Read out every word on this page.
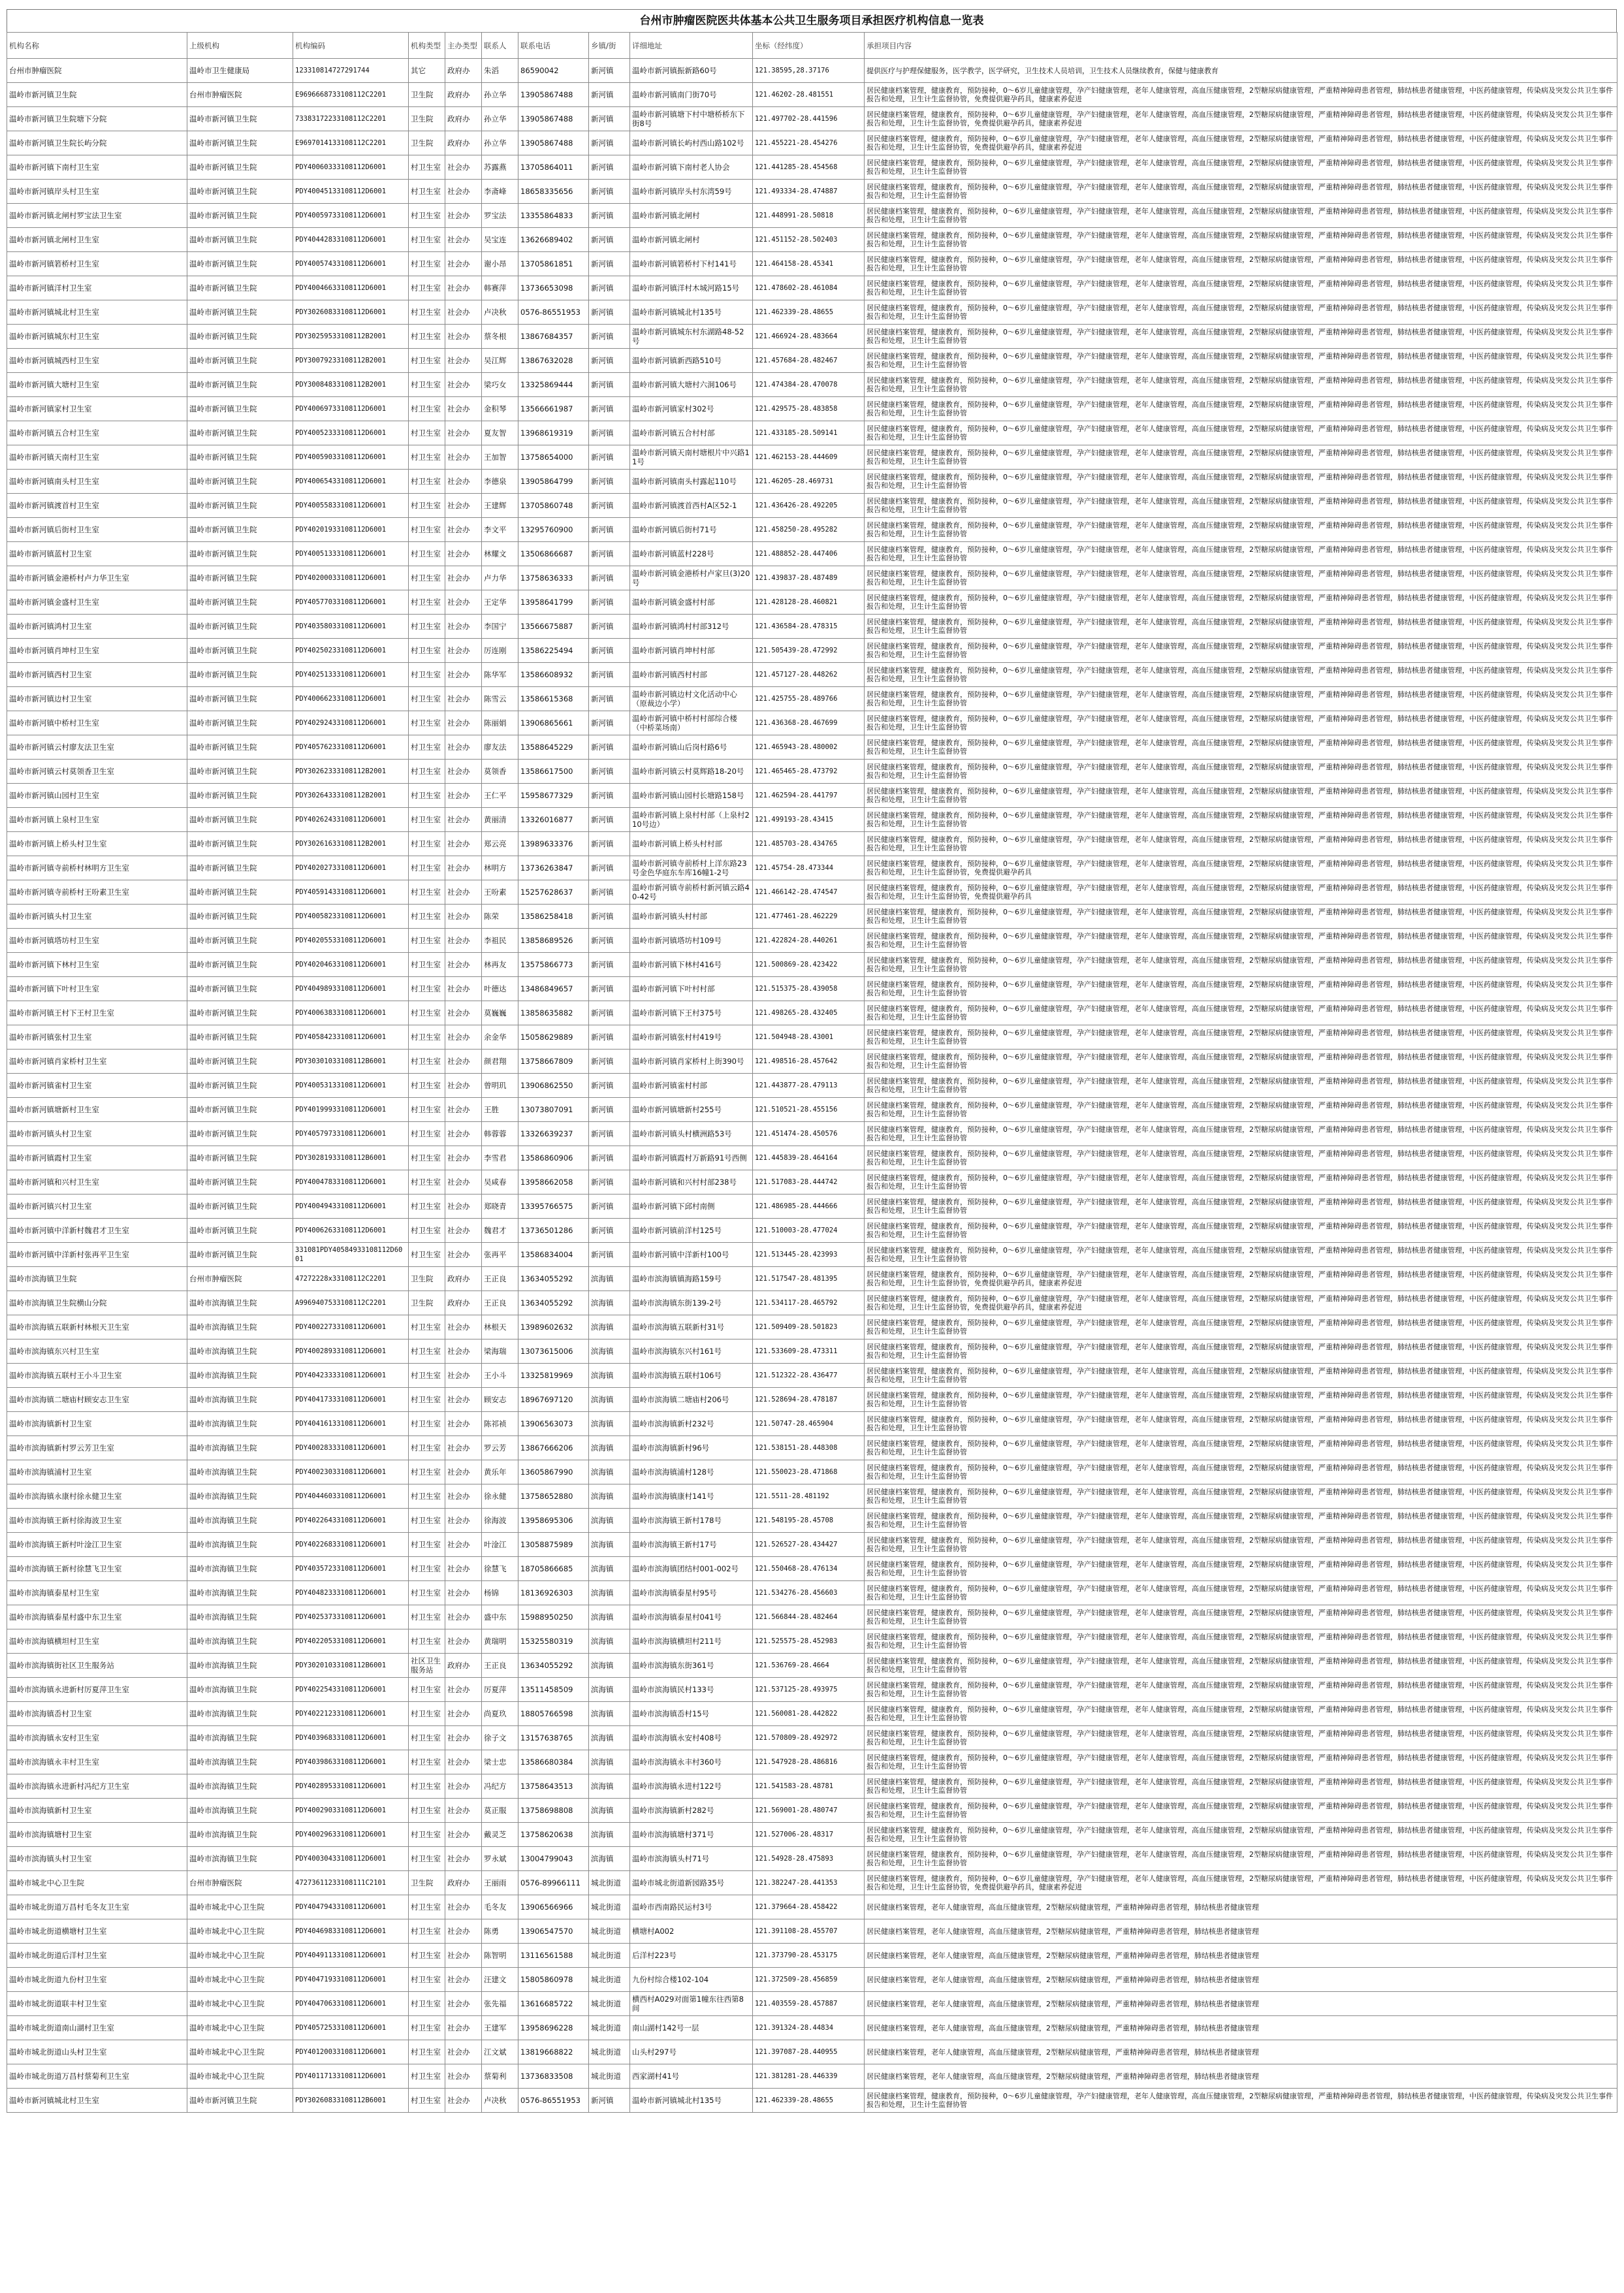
台州市肿瘤医院医共体基本公共卫生服务项目承担医疗机构信息一览表
机构名称	上级机构	机构编码	机构类型	主办类型	联系人	联系电话	乡镇/街	详细地址	坐标（经纬度）	承担项目内容
台州市肿瘤医院	温岭市卫生健康局	12331081472729174​4	其它	政府办	朱滔	86590042	新河镇	温岭市新河镇振新路60号	121.38595,28.37176	提供医疗与护理保健服务，医学教学，医学研究，卫生技术人员培训，卫生技术人员继续教育，保健与健康教育
温岭市新河镇卫生院	台州市肿瘤医院	E96966687331081​12C2201	卫生院	政府办	孙立华	13905867488	新河镇	温岭市新河镇南门街70号	121.46202-28.481551	居民健康档案管理，健康教育，预防接种，0～6岁儿童健康管理，孕产妇健康管理，老年人健康管理，高血压健康管理，2型糖尿病健康管理，严重精神障碍患者管理，肺结核患者健康管理，中医药健康管理，传染病及突发公共卫生事件报告和处理，卫生计生监督协管，免费提供避孕药具，健康素养促进
温岭市新河镇卫生院塘下分院	温岭市新河镇卫生院	73383172233108112C2201	卫生院	政府办	孙立华	13905867488	新河镇	温岭市新河镇塘下村中塘桥桥东下街8号	121.497702-28.441596	居民健康档案管理，健康教育，预防接种，0～6岁儿童健康管理，孕产妇健康管理，老年人健康管理，高血压健康管理，2型糖尿病健康管理，严重精神障碍患者管理，肺结核患者健康管理，中医药健康管理，传染病及突发公共卫生事件报告和处理，卫生计生监督协管，免费提供避孕药具，健康素养促进
温岭市新河镇卫生院长屿分院	温岭市新河镇卫生院	E96970141331081​12C2201	卫生院	政府办	孙立华	13905867488	新河镇	温岭市新河镇长屿村西山路102号	121.455221-28.454276	居民健康档案管理，健康教育，预防接种，0～6岁儿童健康管理，孕产妇健康管理，老年人健康管理，高血压健康管理，2型糖尿病健康管理，严重精神障碍患者管理，肺结核患者健康管理，中医药健康管理，传染病及突发公共卫生事件报告和处理，卫生计生监督协管，免费提供避孕药具，健康素养促进
温岭市新河镇下南村卫生室	温岭市新河镇卫生院	PDY40060333108112D6001	村卫生室	社会办	苏露燕	13705864011	新河镇	温岭市新河镇下南村老人协会	121.441285-28.454568	居民健康档案管理，健康教育，预防接种，0～6岁儿童健康管理，孕产妇健康管理，老年人健康管理，高血压健康管理，2型糖尿病健康管理，严重精神障碍患者管理，肺结核患者健康管理，中医药健康管理，传染病及突发公共卫生事件报告和处理，卫生计生监督协管
温岭市新河镇岸头村卫生室	温岭市新河镇卫生院	PDY40045133108112D6001	村卫生室	社会办	李斋峰	18658335656	新河镇	温岭市新河镇岸头村东湾59号	121.493334-28.474887	居民健康档案管理，健康教育，预防接种，0～6岁儿童健康管理，孕产妇健康管理，老年人健康管理，高血压健康管理，2型糖尿病健康管理，严重精神障碍患者管理，肺结核患者健康管理，中医药健康管理，传染病及突发公共卫生事件报告和处理，卫生计生监督协管
温岭市新河镇北闸村罗宝法卫生室	温岭市新河镇卫生院	PDY40059733108112D6001	村卫生室	社会办	罗宝法	13355864833	新河镇	温岭市新河镇北闸村	121.448991-28.50818	居民健康档案管理，健康教育，预防接种，0～6岁儿童健康管理，孕产妇健康管理，老年人健康管理，高血压健康管理，2型糖尿病健康管理，严重精神障碍患者管理，肺结核患者健康管理，中医药健康管理，传染病及突发公共卫生事件报告和处理，卫生计生监督协管
温岭市新河镇北闸村卫生室	温岭市新河镇卫生院	PDY40442833108112D6001	村卫生室	社会办	吴宝连	13626689402	新河镇	温岭市新河镇北闸村	121.451152-28.502403	居民健康档案管理，健康教育，预防接种，0～6岁儿童健康管理，孕产妇健康管理，老年人健康管理，高血压健康管理，2型糖尿病健康管理，严重精神障碍患者管理，肺结核患者健康管理，中医药健康管理，传染病及突发公共卫生事件报告和处理，卫生计生监督协管
温岭市新河镇箬桥村卫生室	温岭市新河镇卫生院	PDY40057433108112D6001	村卫生室	社会办	谢小昂	13705861851	新河镇	温岭市新河镇箬桥村下村141号	121.464158-28.45341	居民健康档案管理，健康教育，预防接种，0～6岁儿童健康管理，孕产妇健康管理，老年人健康管理，高血压健康管理，2型糖尿病健康管理，严重精神障碍患者管理，肺结核患者健康管理，中医药健康管理，传染病及突发公共卫生事件报告和处理，卫生计生监督协管
温岭市新河镇洋村卫生室	温岭市新河镇卫生院	PDY40046633108112D6001	村卫生室	社会办	韩赛萍	13736653098	新河镇	温岭市新河镇洋村木城河路15号	121.478602-28.461084	居民健康档案管理，健康教育，预防接种，0～6岁儿童健康管理，孕产妇健康管理，老年人健康管理，高血压健康管理，2型糖尿病健康管理，严重精神障碍患者管理，肺结核患者健康管理，中医药健康管理，传染病及突发公共卫生事件报告和处理，卫生计生监督协管
温岭市新河镇城北村卫生室	温岭市新河镇卫生院	PDY30260833108112D6001	村卫生室	社会办	卢决秋	0576-86551953	新河镇	温岭市新河镇城北村135号	121.462339-28.48655	居民健康档案管理，健康教育，预防接种，0～6岁儿童健康管理，孕产妇健康管理，老年人健康管理，高血压健康管理，2型糖尿病健康管理，严重精神障碍患者管理，肺结核患者健康管理，中医药健康管理，传染病及突发公共卫生事件报告和处理，卫生计生监督协管
温岭市新河镇城东村卫生室	温岭市新河镇卫生院	PDY30259533108112B2001	村卫生室	社会办	蔡冬根	13867684357	新河镇	温岭市新河镇城东村东湖路48-52号	121.466924-28.483664	居民健康档案管理，健康教育，预防接种，0～6岁儿童健康管理，孕产妇健康管理，老年人健康管理，高血压健康管理，2型糖尿病健康管理，严重精神障碍患者管理，肺结核患者健康管理，中医药健康管理，传染病及突发公共卫生事件报告和处理，卫生计生监督协管
温岭市新河镇城西村卫生室	温岭市新河镇卫生院	PDY30079233108112B2001	村卫生室	社会办	吴江辉	13867632028	新河镇	温岭市新河镇新西路510号	121.457684-28.482467	居民健康档案管理，健康教育，预防接种，0～6岁儿童健康管理，孕产妇健康管理，老年人健康管理，高血压健康管理，2型糖尿病健康管理，严重精神障碍患者管理，肺结核患者健康管理，中医药健康管理，传染病及突发公共卫生事件报告和处理，卫生计生监督协管
温岭市新河镇大塘村卫生室	温岭市新河镇卫生院	PDY30084833108112B2001	村卫生室	社会办	梁巧女	13325869444	新河镇	温岭市新河镇大塘村六洞106号	121.474384-28.470078	居民健康档案管理，健康教育，预防接种，0～6岁儿童健康管理，孕产妇健康管理，老年人健康管理，高血压健康管理，2型糖尿病健康管理，严重精神障碍患者管理，肺结核患者健康管理，中医药健康管理，传染病及突发公共卫生事件报告和处理，卫生计生监督协管
温岭市新河镇家村卫生室	温岭市新河镇卫生院	PDY40069733108112D6001	村卫生室	社会办	金积琴	13566661987	新河镇	温岭市新河镇家村302号	121.429575-28.483858	居民健康档案管理，健康教育，预防接种，0～6岁儿童健康管理，孕产妇健康管理，老年人健康管理，高血压健康管理，2型糖尿病健康管理，严重精神障碍患者管理，肺结核患者健康管理，中医药健康管理，传染病及突发公共卫生事件报告和处理，卫生计生监督协管
温岭市新河镇五合村卫生室	温岭市新河镇卫生院	PDY40052333108112D6001	村卫生室	社会办	夏友智	13968619319	新河镇	温岭市新河镇五合村村部	121.433185-28.509141	居民健康档案管理，健康教育，预防接种，0～6岁儿童健康管理，孕产妇健康管理，老年人健康管理，高血压健康管理，2型糖尿病健康管理，严重精神障碍患者管理，肺结核患者健康管理，中医药健康管理，传染病及突发公共卫生事件报告和处理，卫生计生监督协管
温岭市新河镇天南村卫生室	温岭市新河镇卫生院	PDY40059033108112D6001	村卫生室	社会办	王加智	13758654000	新河镇	温岭市新河镇天南村塘根片中兴路11号	121.462153-28.444609	居民健康档案管理，健康教育，预防接种，0～6岁儿童健康管理，孕产妇健康管理，老年人健康管理，高血压健康管理，2型糖尿病健康管理，严重精神障碍患者管理，肺结核患者健康管理，中医药健康管理，传染病及突发公共卫生事件报告和处理，卫生计生监督协管
温岭市新河镇南头村卫生室	温岭市新河镇卫生院	PDY40065433108112D6001	村卫生室	社会办	李德泉	13905864799	新河镇	温岭市新河镇南头村露起110号	121.46205-28.469731	居民健康档案管理，健康教育，预防接种，0～6岁儿童健康管理，孕产妇健康管理，老年人健康管理，高血压健康管理，2型糖尿病健康管理，严重精神障碍患者管理，肺结核患者健康管理，中医药健康管理，传染病及突发公共卫生事件报告和处理，卫生计生监督协管
温岭市新河镇渡首村卫生室	温岭市新河镇卫生院	PDY40055833108112D6001	村卫生室	社会办	王建辉	13705860748	新河镇	温岭市新河镇渡首西村A区52-1	121.436426-28.492205	居民健康档案管理，健康教育，预防接种，0～6岁儿童健康管理，孕产妇健康管理，老年人健康管理，高血压健康管理，2型糖尿病健康管理，严重精神障碍患者管理，肺结核患者健康管理，中医药健康管理，传染病及突发公共卫生事件报告和处理，卫生计生监督协管
温岭市新河镇后街村卫生室	温岭市新河镇卫生院	PDY40201933108112D6001	村卫生室	社会办	李文平	13295760900	新河镇	温岭市新河镇后街村71号	121.458250-28.495282	居民健康档案管理，健康教育，预防接种，0～6岁儿童健康管理，孕产妇健康管理，老年人健康管理，高血压健康管理，2型糖尿病健康管理，严重精神障碍患者管理，肺结核患者健康管理，中医药健康管理，传染病及突发公共卫生事件报告和处理，卫生计生监督协管
温岭市新河镇蓝村卫生室	温岭市新河镇卫生院	PDY40051333108112D6001	村卫生室	社会办	林耀文	13506866687	新河镇	温岭市新河镇蓝村228号	121.488852-28.447406	居民健康档案管理，健康教育，预防接种，0～6岁儿童健康管理，孕产妇健康管理，老年人健康管理，高血压健康管理，2型糖尿病健康管理，严重精神障碍患者管理，肺结核患者健康管理，中医药健康管理，传染病及突发公共卫生事件报告和处理，卫生计生监督协管
温岭市新河镇金港桥村卢力华卫生室	温岭市新河镇卫生院	PDY40200033108112D6001	村卫生室	社会办	卢力华	13758636333	新河镇	温岭市新河镇金港桥村卢家旦(3)20号	121.439837-28.487489	居民健康档案管理，健康教育，预防接种，0～6岁儿童健康管理，孕产妇健康管理，老年人健康管理，高血压健康管理，2型糖尿病健康管理，严重精神障碍患者管理，肺结核患者健康管理，中医药健康管理，传染病及突发公共卫生事件报告和处理，卫生计生监督协管
温岭市新河镇金盛村卫生室	温岭市新河镇卫生院	PDY40577033108112D6001	村卫生室	社会办	王定华	13958641799	新河镇	温岭市新河镇金盛村村部	121.428128-28.460821	居民健康档案管理，健康教育，预防接种，0～6岁儿童健康管理，孕产妇健康管理，老年人健康管理，高血压健康管理，2型糖尿病健康管理，严重精神障碍患者管理，肺结核患者健康管理，中医药健康管理，传染病及突发公共卫生事件报告和处理，卫生计生监督协管
温岭市新河镇鸿村卫生室	温岭市新河镇卫生院	PDY40358033108112D6001	村卫生室	社会办	李国宁	13566675887	新河镇	温岭市新河镇鸿村村部312号	121.436584-28.478315	居民健康档案管理，健康教育，预防接种，0～6岁儿童健康管理，孕产妇健康管理，老年人健康管理，高血压健康管理，2型糖尿病健康管理，严重精神障碍患者管理，肺结核患者健康管理，中医药健康管理，传染病及突发公共卫生事件报告和处理，卫生计生监督协管
温岭市新河镇肖坤村卫生室	温岭市新河镇卫生院	PDY40250233108112D6001	村卫生室	社会办	厉连刚	13586225494	新河镇	温岭市新河镇肖坤村村部	121.505439-28.472992	居民健康档案管理，健康教育，预防接种，0～6岁儿童健康管理，孕产妇健康管理，老年人健康管理，高血压健康管理，2型糖尿病健康管理，严重精神障碍患者管理，肺结核患者健康管理，中医药健康管理，传染病及突发公共卫生事件报告和处理，卫生计生监督协管
温岭市新河镇西村卫生室	温岭市新河镇卫生院	PDY40251333108112D6001	村卫生室	社会办	陈华军	13586608932	新河镇	温岭市新河镇西村村部	121.457127-28.448262	居民健康档案管理，健康教育，预防接种，0～6岁儿童健康管理，孕产妇健康管理，老年人健康管理，高血压健康管理，2型糖尿病健康管理，严重精神障碍患者管理，肺结核患者健康管理，中医药健康管理，传染病及突发公共卫生事件报告和处理，卫生计生监督协管
温岭市新河镇边村卫生室	温岭市新河镇卫生院	PDY40066233108112D6001	村卫生室	社会办	陈雪云	13586615368	新河镇	温岭市新河镇边村文化活动中心（原裁边小学）	121.425755-28.489766	居民健康档案管理，健康教育，预防接种，0～6岁儿童健康管理，孕产妇健康管理，老年人健康管理，高血压健康管理，2型糖尿病健康管理，严重精神障碍患者管理，肺结核患者健康管理，中医药健康管理，传染病及突发公共卫生事件报告和处理，卫生计生监督协管
温岭市新河镇中桥村卫生室	温岭市新河镇卫生院	PDY40292433108112D6001	村卫生室	社会办	陈丽娟	13906865661	新河镇	温岭市新河镇中桥村村部综合楼（中桥菜场南）	121.436368-28.467699	居民健康档案管理，健康教育，预防接种，0～6岁儿童健康管理，孕产妇健康管理，老年人健康管理，高血压健康管理，2型糖尿病健康管理，严重精神障碍患者管理，肺结核患者健康管理，中医药健康管理，传染病及突发公共卫生事件报告和处理，卫生计生监督协管
温岭市新河镇云村廖友法卫生室	温岭市新河镇卫生院	PDY40576233108112D6001	村卫生室	社会办	廖友法	13588645229	新河镇	温岭市新河镇山后岗村路6号	121.465943-28.480002	居民健康档案管理，健康教育，预防接种，0～6岁儿童健康管理，孕产妇健康管理，老年人健康管理，高血压健康管理，2型糖尿病健康管理，严重精神障碍患者管理，肺结核患者健康管理，中医药健康管理，传染病及突发公共卫生事件报告和处理，卫生计生监督协管
温岭市新河镇云村莫领香卫生室	温岭市新河镇卫生院	PDY30262333108112B2001	村卫生室	社会办	莫领香	13586617500	新河镇	温岭市新河镇云村莫辉路18-20号	121.465465-28.473792	居民健康档案管理，健康教育，预防接种，0～6岁儿童健康管理，孕产妇健康管理，老年人健康管理，高血压健康管理，2型糖尿病健康管理，严重精神障碍患者管理，肺结核患者健康管理，中医药健康管理，传染病及突发公共卫生事件报告和处理，卫生计生监督协管
温岭市新河镇山园村卫生室	温岭市新河镇卫生院	PDY30264333108112B2001	村卫生室	社会办	王仁平	15958677329	新河镇	温岭市新河镇山园村长塘路158号	121.462594-28.441797	居民健康档案管理，健康教育，预防接种，0～6岁儿童健康管理，孕产妇健康管理，老年人健康管理，高血压健康管理，2型糖尿病健康管理，严重精神障碍患者管理，肺结核患者健康管理，中医药健康管理，传染病及突发公共卫生事件报告和处理，卫生计生监督协管
温岭市新河镇上泉村卫生室	温岭市新河镇卫生院	PDY40262433108112D6001	村卫生室	社会办	黄丽清	13326016877	新河镇	温岭市新河镇上泉村村部（上泉村210号边）	121.499193-28.43415	居民健康档案管理，健康教育，预防接种，0～6岁儿童健康管理，孕产妇健康管理，老年人健康管理，高血压健康管理，2型糖尿病健康管理，严重精神障碍患者管理，肺结核患者健康管理，中医药健康管理，传染病及突发公共卫生事件报告和处理，卫生计生监督协管
温岭市新河镇上桥头村卫生室	温岭市新河镇卫生院	PDY30261633108112B2001	村卫生室	社会办	郑云亮	13989633376	新河镇	温岭市新河镇上桥头村村部	121.485703-28.434765	居民健康档案管理，健康教育，预防接种，0～6岁儿童健康管理，孕产妇健康管理，老年人健康管理，高血压健康管理，2型糖尿病健康管理，严重精神障碍患者管理，肺结核患者健康管理，中医药健康管理，传染病及突发公共卫生事件报告和处理，卫生计生监督协管
温岭市新河镇寺前桥村林明方卫生室	温岭市新河镇卫生院	PDY40202733108112D6001	村卫生室	社会办	林明方	13736263847	新河镇	温岭市新河镇寺前桥村上洋东路23号金色华庭东车库16幢1-2号	121.45754-28.473344	居民健康档案管理，健康教育，预防接种，0～6岁儿童健康管理，孕产妇健康管理，老年人健康管理，高血压健康管理，2型糖尿病健康管理，严重精神障碍患者管理，肺结核患者健康管理，中医药健康管理，传染病及突发公共卫生事件报告和处理，卫生计生监督协管，免费提供避孕药具
温岭市新河镇寺前桥村王吩素卫生室	温岭市新河镇卫生院	PDY40591433108112D6001	村卫生室	社会办	王吩素	15257628637	新河镇	温岭市新河镇寺前桥村新河镇云路40-42号	121.466142-28.474547	居民健康档案管理，健康教育，预防接种，0～6岁儿童健康管理，孕产妇健康管理，老年人健康管理，高血压健康管理，2型糖尿病健康管理，严重精神障碍患者管理，肺结核患者健康管理，中医药健康管理，传染病及突发公共卫生事件报告和处理，卫生计生监督协管，免费提供避孕药具
温岭市新河镇头村卫生室	温岭市新河镇卫生院	PDY40058233108112D6001	村卫生室	社会办	陈荣	13586258418	新河镇	温岭市新河镇头村村部	121.477461-28.462229	居民健康档案管理，健康教育，预防接种，0～6岁儿童健康管理，孕产妇健康管理，老年人健康管理，高血压健康管理，2型糖尿病健康管理，严重精神障碍患者管理，肺结核患者健康管理，中医药健康管理，传染病及突发公共卫生事件报告和处理，卫生计生监督协管
温岭市新河镇塔坊村卫生室	温岭市新河镇卫生院	PDY40205533108112D6001	村卫生室	社会办	李祖民	13858689526	新河镇	温岭市新河镇塔坊村109号	121.422824-28.440261	居民健康档案管理，健康教育，预防接种，0～6岁儿童健康管理，孕产妇健康管理，老年人健康管理，高血压健康管理，2型糖尿病健康管理，严重精神障碍患者管理，肺结核患者健康管理，中医药健康管理，传染病及突发公共卫生事件报告和处理，卫生计生监督协管
温岭市新河镇下林村卫生室	温岭市新河镇卫生院	PDY40204633108112D6001	村卫生室	社会办	林再友	13575866773	新河镇	温岭市新河镇下林村416号	121.500869-28.423422	居民健康档案管理，健康教育，预防接种，0～6岁儿童健康管理，孕产妇健康管理，老年人健康管理，高血压健康管理，2型糖尿病健康管理，严重精神障碍患者管理，肺结核患者健康管理，中医药健康管理，传染病及突发公共卫生事件报告和处理，卫生计生监督协管
温岭市新河镇下叶村卫生室	温岭市新河镇卫生院	PDY40498933108112D6001	村卫生室	社会办	叶德达	13486849657	新河镇	温岭市新河镇下叶村村部	121.515375-28.439058	居民健康档案管理，健康教育，预防接种，0～6岁儿童健康管理，孕产妇健康管理，老年人健康管理，高血压健康管理，2型糖尿病健康管理，严重精神障碍患者管理，肺结核患者健康管理，中医药健康管理，传染病及突发公共卫生事件报告和处理，卫生计生监督协管
温岭市新河镇王村下王村卫生室	温岭市新河镇卫生院	PDY40063833108112D6001	村卫生室	社会办	莫巍巍	13858635882	新河镇	温岭市新河镇下王村375号	121.498265-28.432405	居民健康档案管理，健康教育，预防接种，0～6岁儿童健康管理，孕产妇健康管理，老年人健康管理，高血压健康管理，2型糖尿病健康管理，严重精神障碍患者管理，肺结核患者健康管理，中医药健康管理，传染病及突发公共卫生事件报告和处理，卫生计生监督协管
温岭市新河镇张村卫生室	温岭市新河镇卫生院	PDY40584233108112D6001	村卫生室	社会办	余金华	15058629889	新河镇	温岭市新河镇张村村419号	121.504948-28.43001	居民健康档案管理，健康教育，预防接种，0～6岁儿童健康管理，孕产妇健康管理，老年人健康管理，高血压健康管理，2型糖尿病健康管理，严重精神障碍患者管理，肺结核患者健康管理，中医药健康管理，传染病及突发公共卫生事件报告和处理，卫生计生监督协管
温岭市新河镇肖家桥村卫生室	温岭市新河镇卫生院	PDY30301033108112B6001	村卫生室	社会办	颜君翔	13758667809	新河镇	温岭市新河镇肖家桥村上街390号	121.498516-28.457642	居民健康档案管理，健康教育，预防接种，0～6岁儿童健康管理，孕产妇健康管理，老年人健康管理，高血压健康管理，2型糖尿病健康管理，严重精神障碍患者管理，肺结核患者健康管理，中医药健康管理，传染病及突发公共卫生事件报告和处理，卫生计生监督协管
温岭市新河镇雀村卫生室	温岭市新河镇卫生院	PDY40053133108112D6001	村卫生室	社会办	曾明玑	13906862550	新河镇	温岭市新河镇雀村村部	121.443877-28.479113	居民健康档案管理，健康教育，预防接种，0～6岁儿童健康管理，孕产妇健康管理，老年人健康管理，高血压健康管理，2型糖尿病健康管理，严重精神障碍患者管理，肺结核患者健康管理，中医药健康管理，传染病及突发公共卫生事件报告和处理，卫生计生监督协管
温岭市新河镇塘新村卫生室	温岭市新河镇卫生院	PDY40199933108112D6001	村卫生室	社会办	王胜	13073807091	新河镇	温岭市新河镇塘新村255号	121.510521-28.455156	居民健康档案管理，健康教育，预防接种，0～6岁儿童健康管理，孕产妇健康管理，老年人健康管理，高血压健康管理，2型糖尿病健康管理，严重精神障碍患者管理，肺结核患者健康管理，中医药健康管理，传染病及突发公共卫生事件报告和处理，卫生计生监督协管
温岭市新河镇头村卫生室	温岭市新河镇卫生院	PDY40579733108112D6001	村卫生室	社会办	韩蓉蓉	13326639237	新河镇	温岭市新河镇头村横洲路53号	121.451474-28.450576	居民健康档案管理，健康教育，预防接种，0～6岁儿童健康管理，孕产妇健康管理，老年人健康管理，高血压健康管理，2型糖尿病健康管理，严重精神障碍患者管理，肺结核患者健康管理，中医药健康管理，传染病及突发公共卫生事件报告和处理，卫生计生监督协管
温岭市新河镇霞村卫生室	温岭市新河镇卫生院	PDY30281933108112B6001	村卫生室	社会办	李雪君	13586860906	新河镇	温岭市新河镇霞村万新路91号西侧	121.445839-28.464164	居民健康档案管理，健康教育，预防接种，0～6岁儿童健康管理，孕产妇健康管理，老年人健康管理，高血压健康管理，2型糖尿病健康管理，严重精神障碍患者管理，肺结核患者健康管理，中医药健康管理，传染病及突发公共卫生事件报告和处理，卫生计生监督协管
温岭市新河镇和兴村卫生室	温岭市新河镇卫生院	PDY40047833108112D6001	村卫生室	社会办	吴咸春	13958662058	新河镇	温岭市新河镇和兴村村部238号	121.517083-28.444742	居民健康档案管理，健康教育，预防接种，0～6岁儿童健康管理，孕产妇健康管理，老年人健康管理，高血压健康管理，2型糖尿病健康管理，严重精神障碍患者管理，肺结核患者健康管理，中医药健康管理，传染病及突发公共卫生事件报告和处理，卫生计生监督协管
温岭市新河镇兴村卫生室	温岭市新河镇卫生院	PDY40049433108112D6001	村卫生室	社会办	郑晓青	13395766575	新河镇	温岭市新河镇下邱村南侧	121.486985-28.444666	居民健康档案管理，健康教育，预防接种，0～6岁儿童健康管理，孕产妇健康管理，老年人健康管理，高血压健康管理，2型糖尿病健康管理，严重精神障碍患者管理，肺结核患者健康管理，中医药健康管理，传染病及突发公共卫生事件报告和处理，卫生计生监督协管
温岭市新河镇中洋新村魏君才卫生室	温岭市新河镇卫生院	PDY40062633108112D6001	村卫生室	社会办	魏君才	13736501286	新河镇	温岭市新河镇前洋村125号	121.510003-28.477024	居民健康档案管理，健康教育，预防接种，0～6岁儿童健康管理，孕产妇健康管理，老年人健康管理，高血压健康管理，2型糖尿病健康管理，严重精神障碍患者管理，肺结核患者健康管理，中医药健康管理，传染病及突发公共卫生事件报告和处理，卫生计生监督协管
温岭市新河镇中洋新村张再平卫生室	温岭市新河镇卫生院	331081PDY40584933108112D6001	村卫生室	社会办	张再平	13586834004	新河镇	温岭市新河镇中洋新村100号	121.513445-28.423993	居民健康档案管理，健康教育，预防接种，0～6岁儿童健康管理，孕产妇健康管理，老年人健康管理，高血压健康管理，2型糖尿病健康管理，严重精神障碍患者管理，肺结核患者健康管理，中医药健康管理，传染病及突发公共卫生事件报告和处理，卫生计生监督协管
温岭市滨海镇卫生院	台州市肿瘤医院	47272228x331081​12C2201	卫生院	政府办	王正良	13634055292	滨海镇	温岭市滨海镇镇海路159号	121.517547-28.481395	居民健康档案管理，健康教育，预防接种，0～6岁儿童健康管理，孕产妇健康管理，老年人健康管理，高血压健康管理，2型糖尿病健康管理，严重精神障碍患者管理，肺结核患者健康管理，中医药健康管理，传染病及突发公共卫生事件报告和处理，卫生计生监督协管，免费提供避孕药具，健康素养促进
温岭市滨海镇卫生院横山分院	温岭市滨海镇卫生院	A99694075331081​12C2201	卫生院	政府办	王正良	13634055292	滨海镇	温岭市滨海镇东街139-2号	121.534117-28.465792	居民健康档案管理，健康教育，预防接种，0～6岁儿童健康管理，孕产妇健康管理，老年人健康管理，高血压健康管理，2型糖尿病健康管理，严重精神障碍患者管理，肺结核患者健康管理，中医药健康管理，传染病及突发公共卫生事件报告和处理，卫生计生监督协管，免费提供避孕药具，健康素养促进
温岭市滨海镇五联新村林根天卫生室	温岭市滨海镇卫生院	PDY40022733108112D6001	村卫生室	社会办	林根天	13989602632	滨海镇	温岭市滨海镇五联新村31号	121.509409-28.501823	居民健康档案管理，健康教育，预防接种，0～6岁儿童健康管理，孕产妇健康管理，老年人健康管理，高血压健康管理，2型糖尿病健康管理，严重精神障碍患者管理，肺结核患者健康管理，中医药健康管理，传染病及突发公共卫生事件报告和处理，卫生计生监督协管
温岭市滨海镇东兴村卫生室	温岭市滨海镇卫生院	PDY40028933108112D6001	村卫生室	社会办	梁海瑞	13073615006	滨海镇	温岭市滨海镇东兴村161号	121.533609-28.473311	居民健康档案管理，健康教育，预防接种，0～6岁儿童健康管理，孕产妇健康管理，老年人健康管理，高血压健康管理，2型糖尿病健康管理，严重精神障碍患者管理，肺结核患者健康管理，中医药健康管理，传染病及突发公共卫生事件报告和处理，卫生计生监督协管
温岭市滨海镇五联村王小斗卫生室	温岭市滨海镇卫生院	PDY40423333108112D6001	村卫生室	社会办	王小斗	13325819969	滨海镇	温岭市滨海镇五联村106号	121.512322-28.436477	居民健康档案管理，健康教育，预防接种，0～6岁儿童健康管理，孕产妇健康管理，老年人健康管理，高血压健康管理，2型糖尿病健康管理，严重精神障碍患者管理，肺结核患者健康管理，中医药健康管理，传染病及突发公共卫生事件报告和处理，卫生计生监督协管
温岭市滨海镇二塘庙村顾安志卫生室	温岭市滨海镇卫生院	PDY40417333108112D6001	村卫生室	社会办	顾安志	18967697120	滨海镇	温岭市滨海镇二塘庙村206号	121.528694-28.478187	居民健康档案管理，健康教育，预防接种，0～6岁儿童健康管理，孕产妇健康管理，老年人健康管理，高血压健康管理，2型糖尿病健康管理，严重精神障碍患者管理，肺结核患者健康管理，中医药健康管理，传染病及突发公共卫生事件报告和处理，卫生计生监督协管
温岭市滨海镇新村卫生室	温岭市滨海镇卫生院	PDY40416133108112D6001	村卫生室	社会办	陈祁祯	13906563073	滨海镇	温岭市滨海镇新村232号	121.50747-28.465904	居民健康档案管理，健康教育，预防接种，0～6岁儿童健康管理，孕产妇健康管理，老年人健康管理，高血压健康管理，2型糖尿病健康管理，严重精神障碍患者管理，肺结核患者健康管理，中医药健康管理，传染病及突发公共卫生事件报告和处理，卫生计生监督协管
温岭市滨海镇新村罗云芳卫生室	温岭市滨海镇卫生院	PDY40028333108112D6001	村卫生室	社会办	罗云芳	13867666206	滨海镇	温岭市滨海镇新村96号	121.538151-28.448308	居民健康档案管理，健康教育，预防接种，0～6岁儿童健康管理，孕产妇健康管理，老年人健康管理，高血压健康管理，2型糖尿病健康管理，严重精神障碍患者管理，肺结核患者健康管理，中医药健康管理，传染病及突发公共卫生事件报告和处理，卫生计生监督协管
温岭市滨海镇浦村卫生室	温岭市滨海镇卫生院	PDY40023033108112D6001	村卫生室	社会办	黄乐年	13605867990	滨海镇	温岭市滨海镇浦村128号	121.550023-28.471868	居民健康档案管理，健康教育，预防接种，0～6岁儿童健康管理，孕产妇健康管理，老年人健康管理，高血压健康管理，2型糖尿病健康管理，严重精神障碍患者管理，肺结核患者健康管理，中医药健康管理，传染病及突发公共卫生事件报告和处理，卫生计生监督协管
温岭市滨海镇永康村徐永健卫生室	温岭市滨海镇卫生院	PDY40446033108112D6001	村卫生室	社会办	徐永健	13758652880	滨海镇	温岭市滨海镇康村141号	121.5511-28.481192	居民健康档案管理，健康教育，预防接种，0～6岁儿童健康管理，孕产妇健康管理，老年人健康管理，高血压健康管理，2型糖尿病健康管理，严重精神障碍患者管理，肺结核患者健康管理，中医药健康管理，传染病及突发公共卫生事件报告和处理，卫生计生监督协管
温岭市滨海镇王新村徐海波卫生室	温岭市滨海镇卫生院	PDY40226433108112D6001	村卫生室	社会办	徐海波	13958695306	滨海镇	温岭市滨海镇王新村178号	121.548195-28.45708	居民健康档案管理，健康教育，预防接种，0～6岁儿童健康管理，孕产妇健康管理，老年人健康管理，高血压健康管理，2型糖尿病健康管理，严重精神障碍患者管理，肺结核患者健康管理，中医药健康管理，传染病及突发公共卫生事件报告和处理，卫生计生监督协管
温岭市滨海镇王新村叶淦江卫生室	温岭市滨海镇卫生院	PDY40226833108112D6001	村卫生室	社会办	叶淦江	13058875989	滨海镇	温岭市滨海镇王新村17号	121.526527-28.434427	居民健康档案管理，健康教育，预防接种，0～6岁儿童健康管理，孕产妇健康管理，老年人健康管理，高血压健康管理，2型糖尿病健康管理，严重精神障碍患者管理，肺结核患者健康管理，中医药健康管理，传染病及突发公共卫生事件报告和处理，卫生计生监督协管
温岭市滨海镇王新村徐慧飞卫生室	温岭市滨海镇卫生院	PDY40357233108112D6001	村卫生室	社会办	徐慧飞	18705866685	滨海镇	温岭市滨海镇团结村001-002号	121.550468-28.476134	居民健康档案管理，健康教育，预防接种，0～6岁儿童健康管理，孕产妇健康管理，老年人健康管理，高血压健康管理，2型糖尿病健康管理，严重精神障碍患者管理，肺结核患者健康管理，中医药健康管理，传染病及突发公共卫生事件报告和处理，卫生计生监督协管
温岭市滨海镇泰星村卫生室	温岭市滨海镇卫生院	PDY40482333108112D6001	村卫生室	社会办	杨锦	18136926303	滨海镇	温岭市滨海镇泰星村95号	121.534276-28.456603	居民健康档案管理，健康教育，预防接种，0～6岁儿童健康管理，孕产妇健康管理，老年人健康管理，高血压健康管理，2型糖尿病健康管理，严重精神障碍患者管理，肺结核患者健康管理，中医药健康管理，传染病及突发公共卫生事件报告和处理，卫生计生监督协管
温岭市滨海镇泰星村盛中东卫生室	温岭市滨海镇卫生院	PDY40253733108112D6001	村卫生室	社会办	盛中东	15988950250	滨海镇	温岭市滨海镇泰星村041号	121.566844-28.482464	居民健康档案管理，健康教育，预防接种，0～6岁儿童健康管理，孕产妇健康管理，老年人健康管理，高血压健康管理，2型糖尿病健康管理，严重精神障碍患者管理，肺结核患者健康管理，中医药健康管理，传染病及突发公共卫生事件报告和处理，卫生计生监督协管
温岭市滨海镇横坦村卫生室	温岭市滨海镇卫生院	PDY40220533108112D6001	村卫生室	社会办	黄瑞明	15325580319	滨海镇	温岭市滨海镇横坦村211号	121.525575-28.452983	居民健康档案管理，健康教育，预防接种，0～6岁儿童健康管理，孕产妇健康管理，老年人健康管理，高血压健康管理，2型糖尿病健康管理，严重精神障碍患者管理，肺结核患者健康管理，中医药健康管理，传染病及突发公共卫生事件报告和处理，卫生计生监督协管
温岭市滨海镇街社区卫生服务站	温岭市滨海镇卫生院	PDY30201033108112B6001	社区卫生服务站	政府办	王正良	13634055292	滨海镇	温岭市滨海镇东街361号	121.536769-28.4664	居民健康档案管理，健康教育，预防接种，0～6岁儿童健康管理，孕产妇健康管理，老年人健康管理，高血压健康管理，2型糖尿病健康管理，严重精神障碍患者管理，肺结核患者健康管理，中医药健康管理，传染病及突发公共卫生事件报告和处理，卫生计生监督协管
温岭市滨海镇永进新村厉夏萍卫生室	温岭市滨海镇卫生院	PDY40225433108112D6001	村卫生室	社会办	厉夏萍	13511458509	滨海镇	温岭市滨海镇民村133号	121.537125-28.493975	居民健康档案管理，健康教育，预防接种，0～6岁儿童健康管理，孕产妇健康管理，老年人健康管理，高血压健康管理，2型糖尿病健康管理，严重精神障碍患者管理，肺结核患者健康管理，中医药健康管理，传染病及突发公共卫生事件报告和处理，卫生计生监督协管
温岭市滨海镇岙村卫生室	温岭市滨海镇卫生院	PDY40221233108112D6001	村卫生室	社会办	尚夏玖	18805766598	滨海镇	温岭市滨海镇岙村15号	121.560081-28.442822	居民健康档案管理，健康教育，预防接种，0～6岁儿童健康管理，孕产妇健康管理，老年人健康管理，高血压健康管理，2型糖尿病健康管理，严重精神障碍患者管理，肺结核患者健康管理，中医药健康管理，传染病及突发公共卫生事件报告和处理，卫生计生监督协管
温岭市滨海镇永安村卫生室	温岭市滨海镇卫生院	PDY40396833108112D6001	村卫生室	社会办	徐子文	13157638765	滨海镇	温岭市滨海镇永安村408号	121.570809-28.492972	居民健康档案管理，健康教育，预防接种，0～6岁儿童健康管理，孕产妇健康管理，老年人健康管理，高血压健康管理，2型糖尿病健康管理，严重精神障碍患者管理，肺结核患者健康管理，中医药健康管理，传染病及突发公共卫生事件报告和处理，卫生计生监督协管
温岭市滨海镇永丰村卫生室	温岭市滨海镇卫生院	PDY40398633108112D6001	村卫生室	社会办	梁士忠	13586680384	滨海镇	温岭市滨海镇永丰村360号	121.547928-28.486816	居民健康档案管理，健康教育，预防接种，0～6岁儿童健康管理，孕产妇健康管理，老年人健康管理，高血压健康管理，2型糖尿病健康管理，严重精神障碍患者管理，肺结核患者健康管理，中医药健康管理，传染病及突发公共卫生事件报告和处理，卫生计生监督协管
温岭市滨海镇永进新村冯纪方卫生室	温岭市滨海镇卫生院	PDY40289533108112D6001	村卫生室	社会办	冯纪方	13758643513	滨海镇	温岭市滨海镇永进村122号	121.541583-28.48781	居民健康档案管理，健康教育，预防接种，0～6岁儿童健康管理，孕产妇健康管理，老年人健康管理，高血压健康管理，2型糖尿病健康管理，严重精神障碍患者管理，肺结核患者健康管理，中医药健康管理，传染病及突发公共卫生事件报告和处理，卫生计生监督协管
温岭市滨海镇新村卫生室	温岭市滨海镇卫生院	PDY40029033108112D6001	村卫生室	社会办	莫正服	13758698808	滨海镇	温岭市滨海镇新村282号	121.569001-28.480747	居民健康档案管理，健康教育，预防接种，0～6岁儿童健康管理，孕产妇健康管理，老年人健康管理，高血压健康管理，2型糖尿病健康管理，严重精神障碍患者管理，肺结核患者健康管理，中医药健康管理，传染病及突发公共卫生事件报告和处理，卫生计生监督协管
温岭市滨海镇塘村卫生室	温岭市滨海镇卫生院	PDY40029633108112D6001	村卫生室	社会办	戴灵芝	13758620638	滨海镇	温岭市滨海镇塘村371号	121.527006-28.48317	居民健康档案管理，健康教育，预防接种，0～6岁儿童健康管理，孕产妇健康管理，老年人健康管理，高血压健康管理，2型糖尿病健康管理，严重精神障碍患者管理，肺结核患者健康管理，中医药健康管理，传染病及突发公共卫生事件报告和处理，卫生计生监督协管
温岭市滨海镇头村卫生室	温岭市滨海镇卫生院	PDY40030433108112D6001	村卫生室	社会办	罗永斌	13004799043	滨海镇	温岭市滨海镇头村71号	121.54928-28.475893	居民健康档案管理，健康教育，预防接种，0～6岁儿童健康管理，孕产妇健康管理，老年人健康管理，高血压健康管理，2型糖尿病健康管理，严重精神障碍患者管理，肺结核患者健康管理，中医药健康管理，传染病及突发公共卫生事件报告和处理，卫生计生监督协管
温岭市城北中心卫生院	台州市肿瘤医院	47273611233108111C2101	卫生院	政府办	王丽雨	0576-89966111	城北街道	温岭市城北街道新园路35号	121.382247-28.441353	居民健康档案管理，健康教育，预防接种，0～6岁儿童健康管理，孕产妇健康管理，老年人健康管理，高血压健康管理，2型糖尿病健康管理，严重精神障碍患者管理，肺结核患者健康管理，中医药健康管理，传染病及突发公共卫生事件报告和处理，卫生计生监督协管，免费提供避孕药具，健康素养促进
温岭市城北街道万昌村毛冬友卫生室	温岭市城北中心卫生院	PDY40479433108112D6001	村卫生室	社会办	毛冬友	13906566966	城北街道	温岭市西南路民运村3号	121.379664-28.458422	居民健康档案管理，老年人健康管理，高血压健康管理，2型糖尿病健康管理，严重精神障碍患者管理，肺结核患者健康管理
温岭市城北街道横塘村卫生室	温岭市城北中心卫生院	PDY40469833108112D6001	村卫生室	社会办	陈勇	13906547570	城北街道	横塘村A002	121.391108-28.455707	居民健康档案管理，老年人健康管理，高血压健康管理，2型糖尿病健康管理，严重精神障碍患者管理，肺结核患者健康管理
温岭市城北街道后洋村卫生室	温岭市城北中心卫生院	PDY40491133108112D6001	村卫生室	社会办	陈智明	13116561588	城北街道	后洋村223号	121.373790-28.453175	居民健康档案管理，老年人健康管理，高血压健康管理，2型糖尿病健康管理，严重精神障碍患者管理，肺结核患者健康管理
温岭市城北街道九份村卫生室	温岭市城北中心卫生院	PDY40471933108112D6001	村卫生室	社会办	汪建文	15805860978	城北街道	九份村综合楼102-104	121.372509-28.456859	居民健康档案管理，老年人健康管理，高血压健康管理，2型糖尿病健康管理，严重精神障碍患者管理，肺结核患者健康管理
温岭市城北街道联丰村卫生室	温岭市城北中心卫生院	PDY40470633108112D6001	村卫生室	社会办	张先福	13616685722	城北街道	横西村A029对面第1幢东往西第8间	121.403559-28.457887	居民健康档案管理，老年人健康管理，高血压健康管理，2型糖尿病健康管理，严重精神障碍患者管理，肺结核患者健康管理
温岭市城北街道南山湖村卫生室	温岭市城北中心卫生院	PDY40572533108112D6001	村卫生室	社会办	王建军	13958696228	城北街道	南山湖村142号一层	121.391324-28.44834	居民健康档案管理，老年人健康管理，高血压健康管理，2型糖尿病健康管理，严重精神障碍患者管理，肺结核患者健康管理
温岭市城北街道山头村卫生室	温岭市城北中心卫生院	PDY40120033108112D6001	村卫生室	社会办	江文斌	13819668822	城北街道	山头村297号	121.397087-28.440955	居民健康档案管理，老年人健康管理，高血压健康管理，2型糖尿病健康管理，严重精神障碍患者管理，肺结核患者健康管理
温岭市城北街道万昌村蔡菊利卫生室	温岭市城北中心卫生院	PDY40117133108112D6001	村卫生室	社会办	蔡菊利	13736833508	城北街道	西家湖村41号	121.381281-28.446339	居民健康档案管理，老年人健康管理，高血压健康管理，2型糖尿病健康管理，严重精神障碍患者管理，肺结核患者健康管理
温岭市新河镇城北村卫生室	温岭市新河镇卫生院	PDY30260833108112B6001	村卫生室	社会办	卢决秋	0576-86551953	新河镇	温岭市新河镇城北村135号	121.462339-28.48655	居民健康档案管理，健康教育，预防接种，0～6岁儿童健康管理，孕产妇健康管理，老年人健康管理，高血压健康管理，2型糖尿病健康管理，严重精神障碍患者管理，肺结核患者健康管理，中医药健康管理，传染病及突发公共卫生事件报告和处理，卫生计生监督协管
